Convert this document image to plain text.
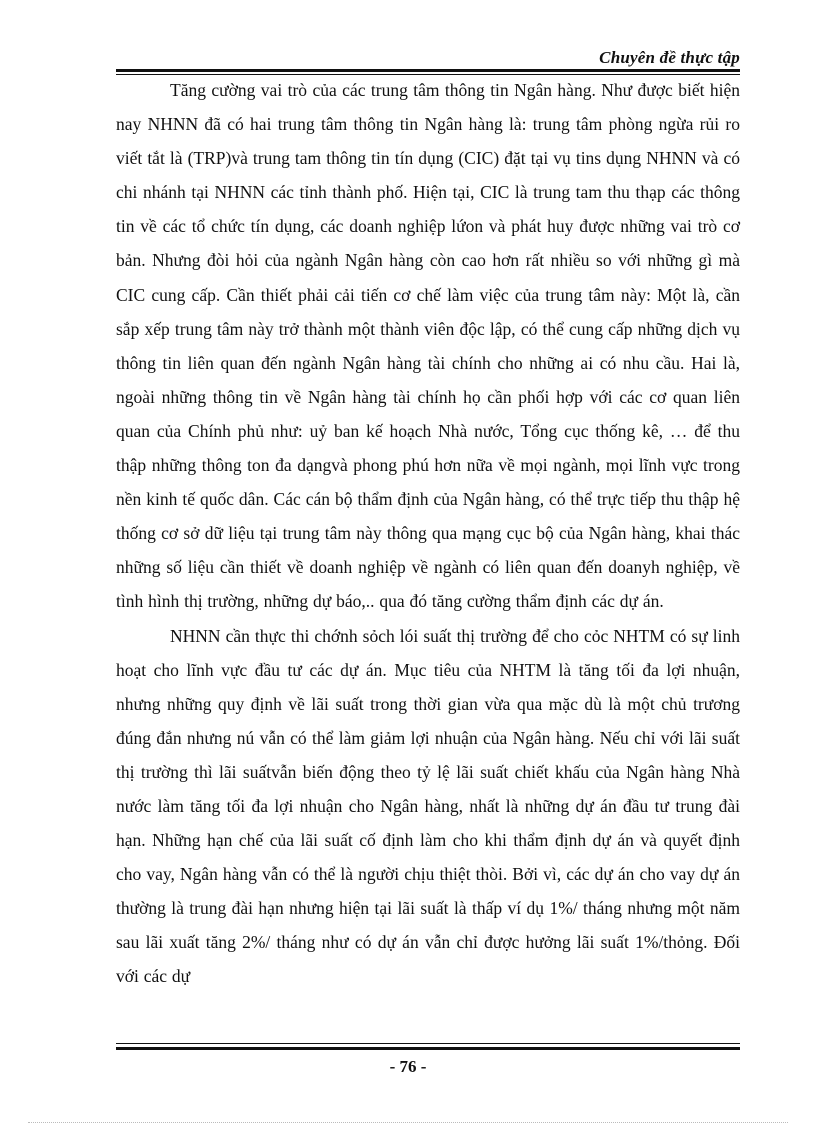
Chuyên đề thực tập

Tăng cường vai trò của các trung tâm thông tin Ngân hàng. Như được biết hiện nay NHNN đã có hai trung tâm thông tin Ngân hàng là: trung tâm phòng ngừa rủi ro viết tắt là (TRP)và trung tam thông tin tín dụng (CIC) đặt tại vụ tins dụng NHNN và có chi nhánh tại NHNN các tỉnh thành phố. Hiện tại, CIC là trung tam thu thạp các thông tin về các tổ chức tín dụng, các doanh nghiệp lứon và phát huy được những vai trò cơ bản. Nhưng đòi hỏi của ngành Ngân hàng còn cao hơn rất nhiều so với những gì mà CIC cung cấp. Cần thiết phải cải tiến cơ chế làm việc của trung tâm này: Một là, cần sắp xếp trung tâm này trở thành một thành viên độc lập, có thể cung cấp những dịch vụ thông tin liên quan đến ngành Ngân hàng tài chính cho những ai có nhu cầu. Hai là, ngoài những thông tin về Ngân hàng tài chính họ cần phối hợp với các cơ quan liên quan của Chính phủ như: uỷ ban kế hoạch Nhà nước, Tổng cục thống kê, … để thu thập những thông ton đa dạngvà phong phú hơn nữa về mọi ngành, mọi lĩnh vực trong nền kinh tế quốc dân. Các cán bộ thẩm định của Ngân hàng, có thể trực tiếp thu thập hệ thống cơ sở dữ liệu tại trung tâm này thông qua mạng cục bộ của Ngân hàng, khai thác những số liệu cần thiết về doanh nghiệp về ngành có liên quan đến doanyh nghiệp, về tình hình thị trường, những dự báo,.. qua đó tăng cường thẩm định các dự án.

NHNN cần thực thi chớnh sỏch lói suất thị trường để cho cỏc NHTM có sự linh hoạt cho lĩnh vực đầu tư các dự án. Mục tiêu của NHTM là tăng tối đa lợi nhuận, nhưng những quy định về lãi suất trong thời gian vừa qua mặc dù là một chủ trương đúng đắn nhưng nú vẫn có thể làm giảm lợi nhuận của Ngân hàng. Nếu chỉ với lãi suất thị trường thì lãi suấtvẫn biến động theo tỷ lệ lãi suất chiết khấu của Ngân hàng Nhà nước làm tăng tối đa lợi nhuận cho Ngân hàng, nhất là những dự án đầu tư trung đài hạn. Những hạn chế của lãi suất cố định làm cho khi thẩm định dự án và quyết định cho vay, Ngân hàng vẫn có thể là người chịu thiệt thòi. Bởi vì, các dự án cho vay dự án thường là trung đài hạn nhưng hiện tại lãi suất là thấp ví dụ 1%/ tháng nhưng một năm sau lãi xuất tăng 2%/ tháng như có dự án vẫn chỉ được hưởng lãi suất 1%/thỏng. Đối với các dự

- 76 -
